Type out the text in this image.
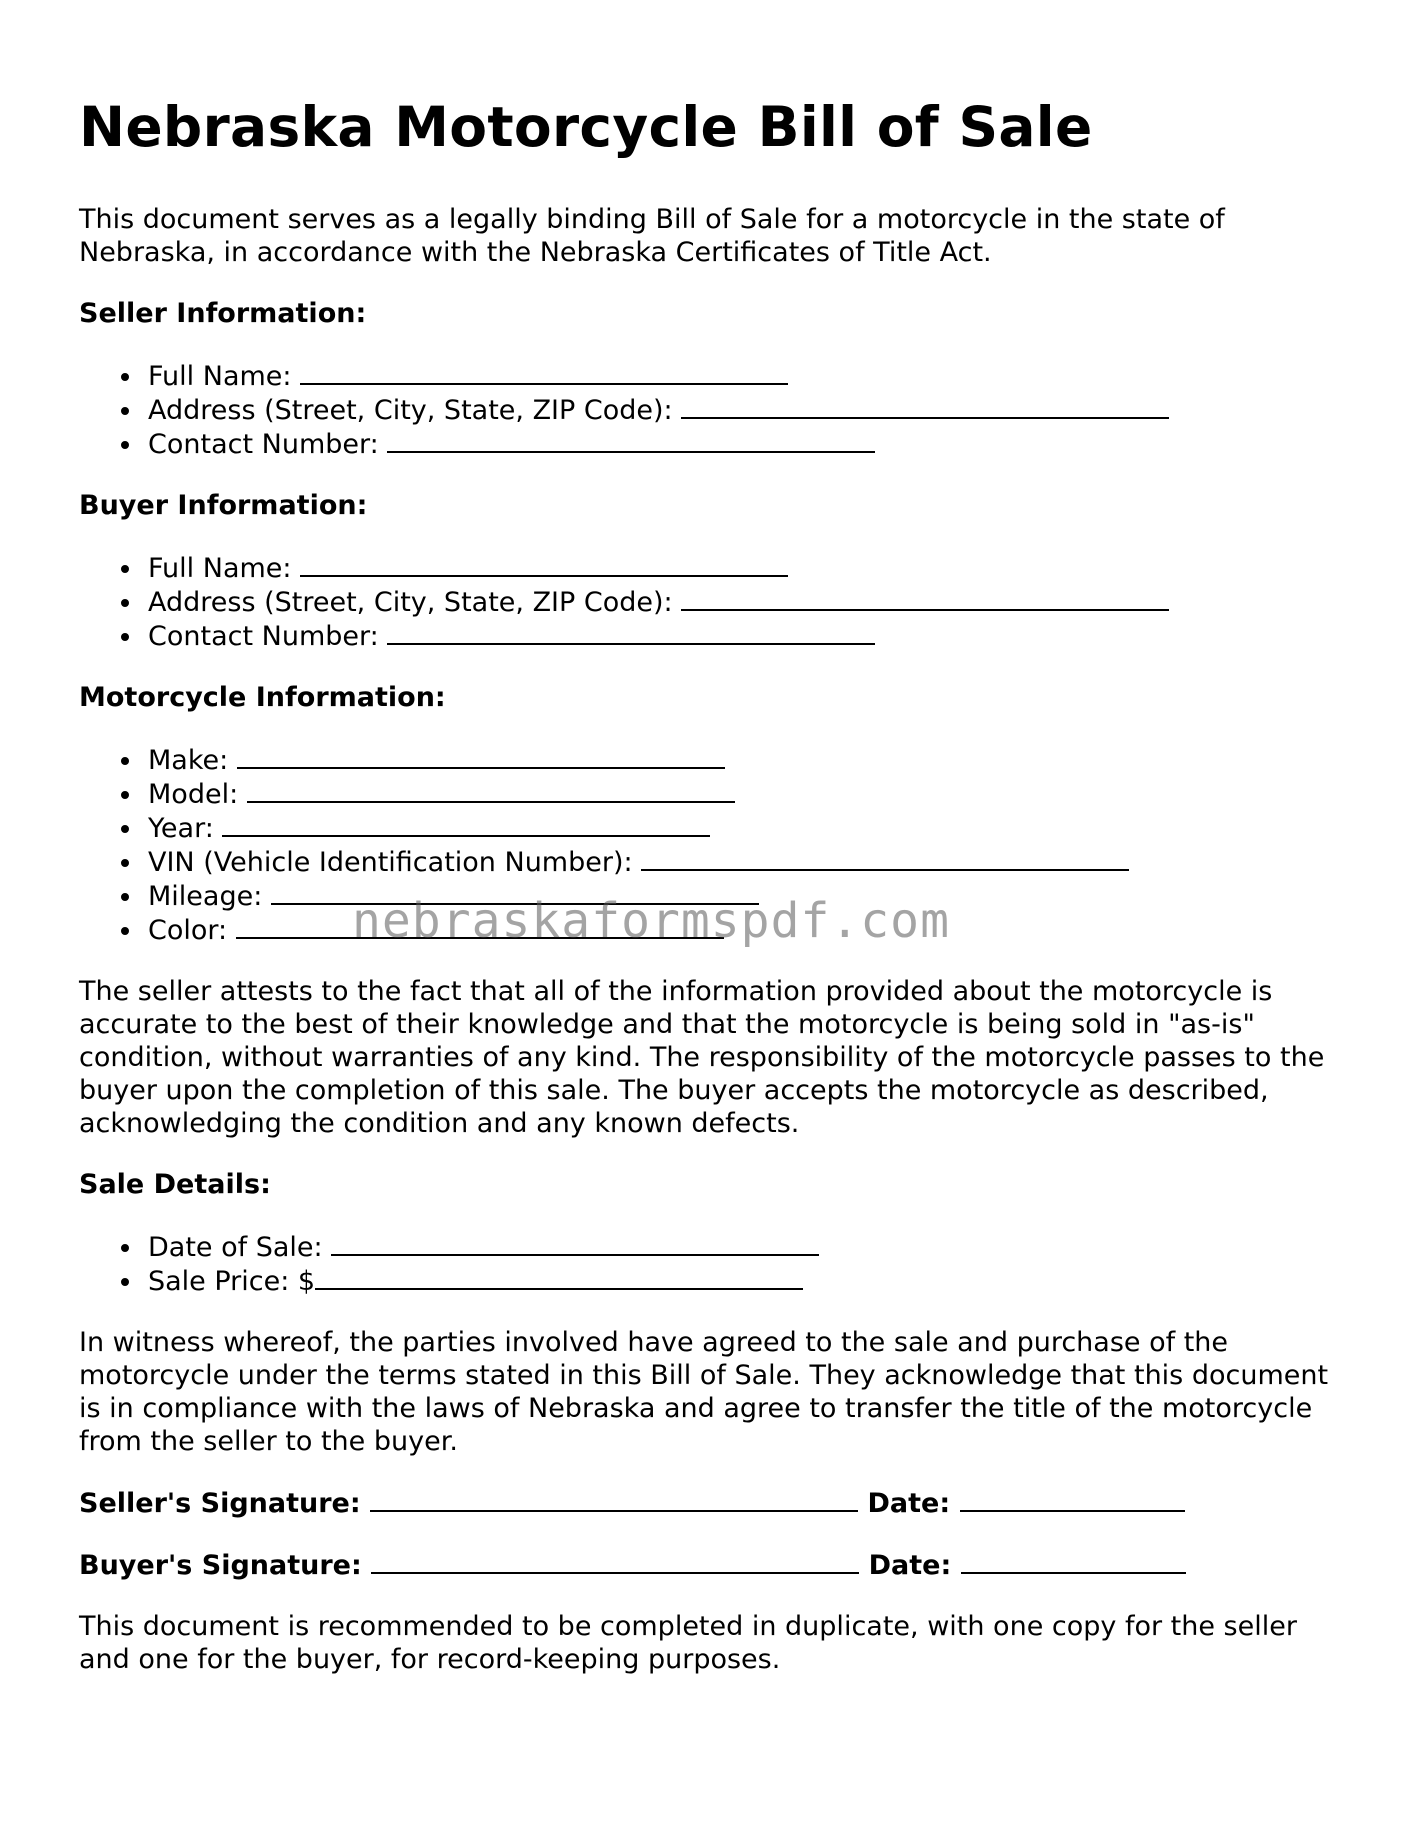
Nebraska Motorcycle Bill of Sale

This document serves as a legally binding Bill of Sale for a motorcycle in the state of Nebraska, in accordance with the Nebraska Certificates of Title Act.

Seller Information:
Full Name:
Address (Street, City, State, ZIP Code):
Contact Number:
Buyer Information:
Full Name:
Address (Street, City, State, ZIP Code):
Contact Number:
Motorcycle Information:
Make:
Model:
Year:
VIN (Vehicle Identification Number):
Mileage:
Color:

The seller attests to the fact that all of the information provided about the motorcycle is accurate to the best of their knowledge and that the motorcycle is being sold in "as-is" condition, without warranties of any kind. The responsibility of the motorcycle passes to the buyer upon the completion of this sale. The buyer accepts the motorcycle as described, acknowledging the condition and any known defects.

Sale Details:
Date of Sale:
Sale Price: $

In witness whereof, the parties involved have agreed to the sale and purchase of the motorcycle under the terms stated in this Bill of Sale. They acknowledge that this document is in compliance with the laws of Nebraska and agree to transfer the title of the motorcycle from the seller to the buyer.

Seller's Signature:	Date:
Buyer's Signature:	Date:

This document is recommended to be completed in duplicate, with one copy for the seller and one for the buyer, for record-keeping purposes.

nebraskaformspdf.com
